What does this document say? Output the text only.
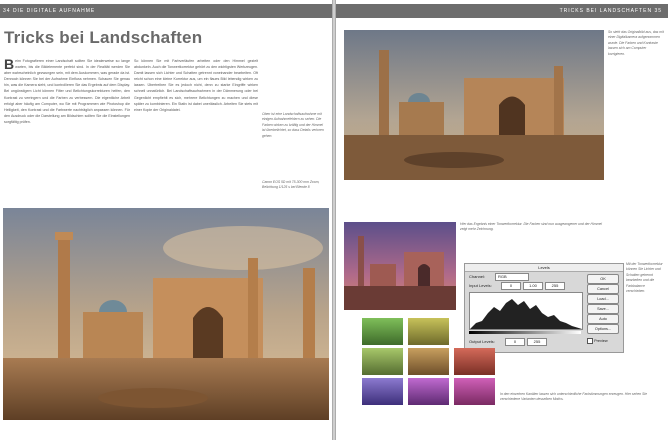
34 DIE DIGITALE AUFNAHME
Tricks bei Landschaften
B eim Fotografieren einer Landschaft sollten Sie idealerweise so lange warten, bis die Bildelemente perfekt sind. In der Realität werden Sie aber wahrscheinlich gezwungen sein, mit dem Auskommen, was gerade da ist. Dennoch können Sie bei der Aufnahme Einfluss nehmen. Schauen Sie genau hin, was die Kamera sieht, und kontrollieren Sie das Ergebnis auf dem Display. Bei ungünstigem Licht können Filter und Belichtungskorrekturen helfen, den Kontrast zu verringern und die Farben zu verbessern. Die eigentliche Arbeit erfolgt aber häufig am Computer, wo Sie mit Programmen wie Photoshop die Helligkeit, den Kontrast und die Farbwerte nachträglich anpassen können. Für den Ausdruck oder die Darstellung am Bildschirm sollten Sie die Einstellungen sorgfältig prüfen.
So können Sie mit Farbverläufen arbeiten oder den Himmel gezielt abdunkeln. Auch die Tonwertkorrektur gehört zu den wichtigsten Werkzeugen. Damit lassen sich Lichter und Schatten getrennt voneinander bearbeiten. Oft reicht schon eine kleine Korrektur aus, um ein flaues Bild lebendig wirken zu lassen. Übertreiben Sie es jedoch nicht, denn zu starke Eingriffe wirken schnell unnatürlich. Bei Landschaftsaufnahmen in der Dämmerung oder bei Gegenlicht empfiehlt es sich, mehrere Belichtungen zu machen und diese später zu kombinieren. Ein Stativ ist dabei unerlässlich. Arbeiten Sie stets mit einer Kopie der Originaldatei.
Oben ist eine Landschaftsaufnahme mit einigen Aufnahmefehlern zu sehen. Die Farben wirken zu kräftig und der Himmel ist überbelichtet, so dass Details verloren gehen.
Canon EOS 5D mit 75-300 mm Zoom, Belichtung 1/125 s bei Blende 8
TRICKS BEI LANDSCHAFTEN 35
So sieht das Originalbild aus, das mit einer Digitalkamera aufgenommen wurde. Die Farben und Kontraste lassen sich am Computer korrigieren.
Hier das Ergebnis einer Tonwertkorrektur. Die Farben sind nun ausgewogener und der Himmel zeigt mehr Zeichnung.
Levels
Channel:	RGB
Input Levels:	0	1.00	255
Output Levels:	0	255
OK
Cancel
Load...
Save...
Auto
Options...
Preview
Mit der Tonwertkorrektur können Sie Lichter und Schatten getrennt bearbeiten und die Farbbalance verschieben.
In den einzelnen Kanälen lassen sich unterschiedliche Farbstimmungen erzeugen. Hier sehen Sie verschiedene Varianten desselben Motivs.
